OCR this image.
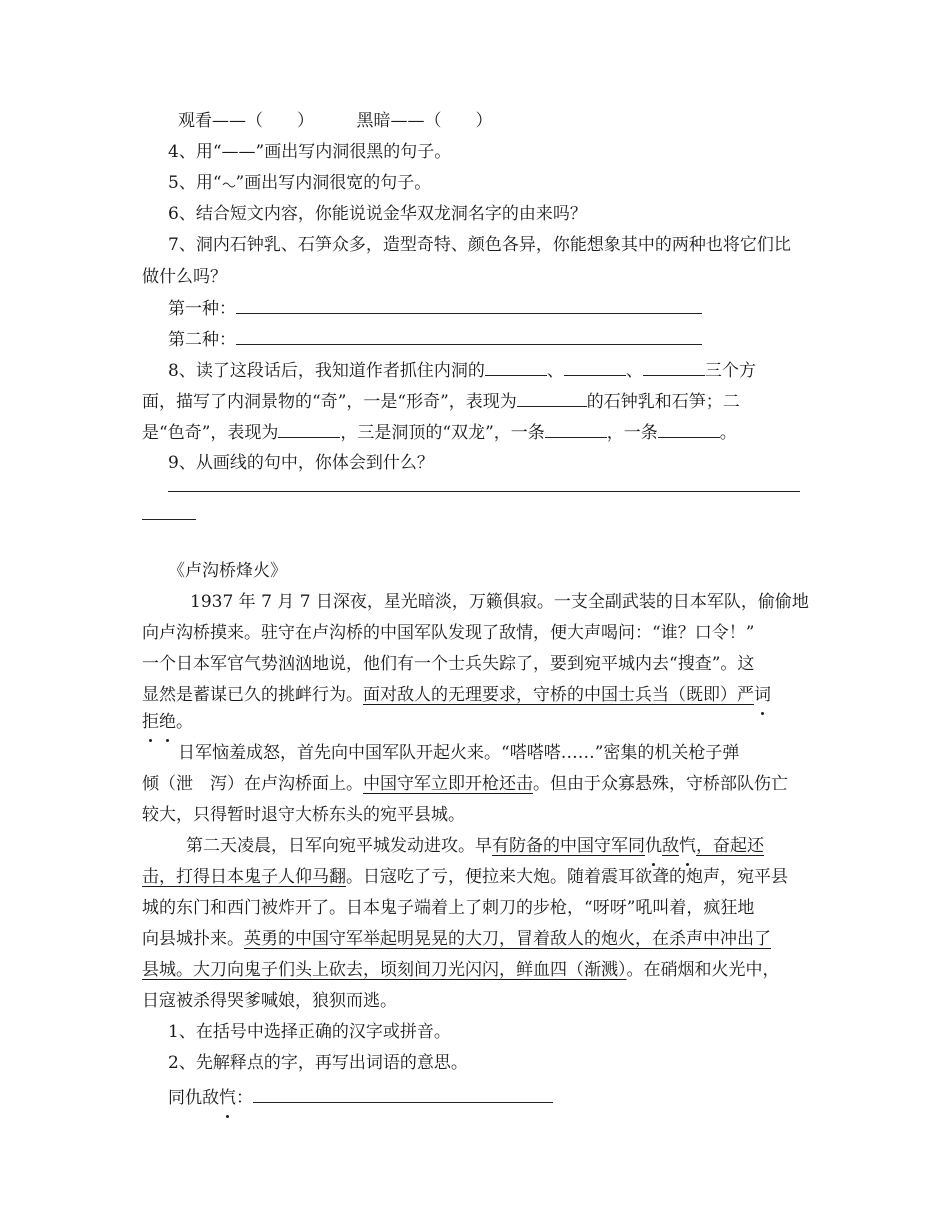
观看——（　　）　　　黑暗——（　　）
4、用“——”画出写内洞很黑的句子。
5、用“ ”画出写内洞很宽的句子。
6、结合短文内容，你能说说金华双龙洞名字的由来吗？
7、洞内石钟乳、石笋众多，造型奇特、颜色各异，你能想象其中的两种也将它们比
做什么吗？
第一种：
第二种：
8、读了这段话后，我知道作者抓住内洞的	、	、	三个方
面，描写了内洞景物的“奇”，一是“形奇”，表现为	的石钟乳和石笋；二
是“色奇”，表现为	，三是洞顶的“双龙”，一条	，一条	。
9、从画线的句中，你体会到什么？
《卢沟桥烽火》
1937 年 7 月 7 日深夜，星光暗淡，万籁俱寂。一支全副武装的日本军队，偷偷地
向卢沟桥摸来。驻守在卢沟桥的中国军队发现了敌情，便大声喝问：“谁？口令！”
一个日本军官气势汹汹地说，他们有一个士兵失踪了，要到宛平城内去“搜查”。这
显然是蓄谋已久的挑衅行为。面对敌人的无理要求，守桥的中国士兵当（既即）严词
拒绝。
日军恼羞成怒，首先向中国军队开起火来。“嗒嗒嗒……”密集的机关枪子弹
倾（泄　泻）在卢沟桥面上。中国守军立即开枪还击。但由于众寡悬殊，守桥部队伤亡
较大，只得暂时退守大桥东头的宛平县城。
第二天凌晨，日军向宛平城发动进攻。早有防备的中国守军同仇敌忾，奋起还
击，打得日本鬼子人仰马翻。日寇吃了亏，便拉来大炮。随着震耳欲聋的炮声，宛平县
城的东门和西门被炸开了。日本鬼子端着上了刺刀的步枪，“呀呀”吼叫着，疯狂地
向县城扑来。英勇的中国守军举起明晃晃的大刀，冒着敌人的炮火，在杀声中冲出了
县城。大刀向鬼子们头上砍去，顷刻间刀光闪闪，鲜血四（渐溅）。在硝烟和火光中，
日寇被杀得哭爹喊娘，狼狈而逃。
1、在括号中选择正确的汉字或拼音。
2、先解释点的字，再写出词语的意思。
同仇敌忾：
